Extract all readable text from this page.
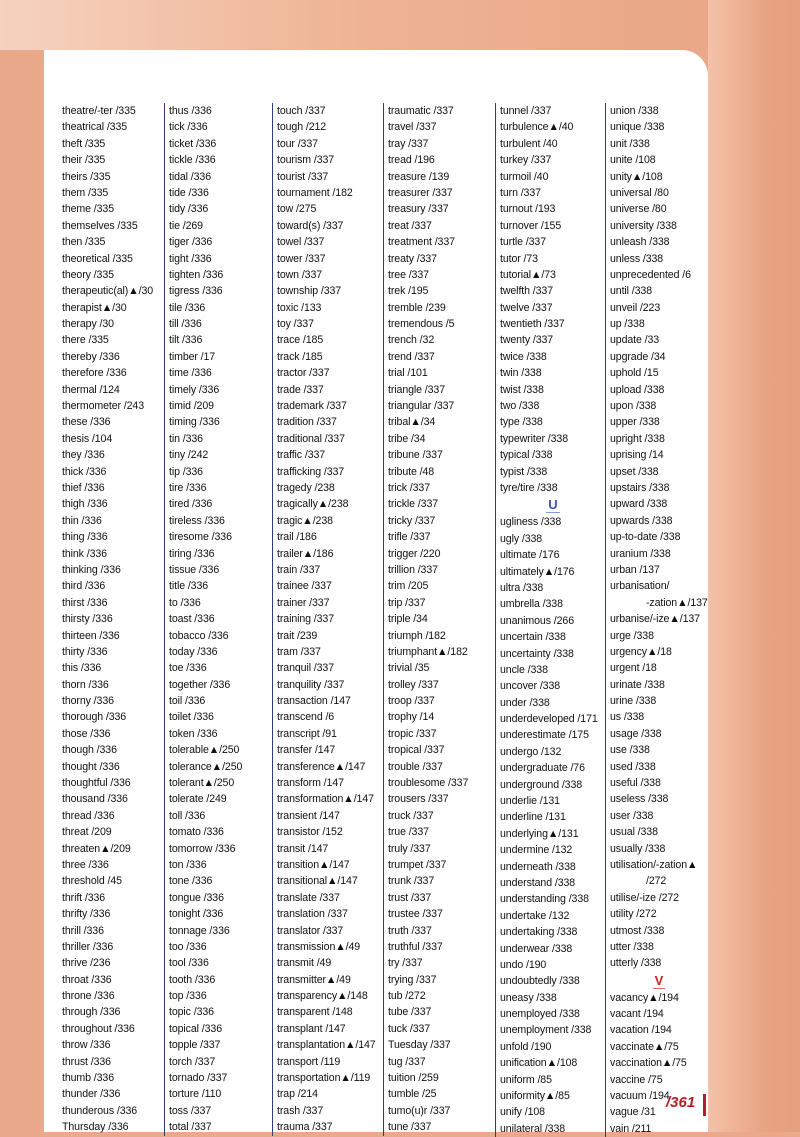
theatre/-ter /335
theatrical /335
theft /335
their /335
theirs /335
them /335
theme /335
themselves /335
then /335
theoretical /335
theory /335
therapeutic(al)▲/30
therapist▲/30
therapy /30
there /335
thereby /336
therefore /336
thermal /124
thermometer /243
these /336
thesis /104
they /336
thick /336
thief /336
thigh /336
thin /336
thing /336
think /336
thinking /336
third /336
thirst /336
thirsty /336
thirteen /336
thirty /336
this /336
thorn /336
thorny /336
thorough /336
those /336
though /336
thought /336
thoughtful /336
thousand /336
thread /336
threat /209
threaten▲/209
three /336
threshold /45
thrift /336
thrifty /336
thrill /336
thriller /336
thrive /236
throat /336
throne /336
through /336
throughout /336
throw /336
thrust /336
thumb /336
thunder /336
thunderous /336
Thursday /336
thus /336
tick /336
ticket /336
tickle /336
tidal /336
tide /336
tidy /336
tie /269
tiger /336
tight /336
tighten /336
tigress /336
tile /336
till /336
tilt /336
timber /17
time /336
timely /336
timid /209
timing /336
tin /336
tiny /242
tip /336
tire /336
tired /336
tireless /336
tiresome /336
tiring /336
tissue /336
title /336
to /336
toast /336
tobacco /336
today /336
toe /336
together /336
toil /336
toilet /336
token /336
tolerable▲/250
tolerance▲/250
tolerant▲/250
tolerate /249
toll /336
tomato /336
tomorrow /336
ton /336
tone /336
tongue /336
tonight /336
tonnage /336
too /336
tool /336
tooth /336
top /336
topic /336
topical /336
topple /337
torch /337
tornado /337
torture /110
toss /337
total /337
touch /337
tough /212
tour /337
tourism /337
tourist /337
tournament /182
tow /275
toward(s) /337
towel /337
tower /337
town /337
township /337
toxic /133
toy /337
trace /185
track /185
tractor /337
trade /337
trademark /337
tradition /337
traditional /337
traffic /337
trafficking /337
tragedy /238
tragically▲/238
tragic▲/238
trail /186
trailer▲/186
train /337
trainee /337
trainer /337
training /337
trait /239
tram /337
tranquil /337
tranquility /337
transaction /147
transcend /6
transcript /91
transfer /147
transference▲/147
transform /147
transformation▲/147
transient /147
transistor /152
transit /147
transition▲/147
transitional▲/147
translate /337
translation /337
translator /337
transmission▲/49
transmit /49
transmitter▲/49
transparency▲/148
transparent /148
transplant /147
transplantation▲/147
transport /119
transportation▲/119
trap /214
trash /337
trauma /337
traumatic /337
travel /337
tray /337
tread /196
treasure /139
treasurer /337
treasury /337
treat /337
treatment /337
treaty /337
tree /337
trek /195
tremble /239
tremendous /5
trench /32
trend /337
trial /101
triangle /337
triangular /337
tribal▲/34
tribe /34
tribune /337
tribute /48
trick /337
trickle /337
tricky /337
trifle /337
trigger /220
trillion /337
trim /205
trip /337
triple /34
triumph /182
triumphant▲/182
trivial /35
trolley /337
troop /337
trophy /14
tropic /337
tropical /337
trouble /337
troublesome /337
trousers /337
truck /337
true /337
truly /337
trumpet /337
trunk /337
trust /337
trustee /337
truth /337
truthful /337
try /337
trying /337
tub /272
tube /337
tuck /337
Tuesday /337
tug /337
tuition /259
tumble /25
tumo(u)r /337
tune /337
tunnel /337
turbulence▲/40
turbulent /40
turkey /337
turmoil /40
turn /337
turnout /193
turnover /155
turtle /337
tutor /73
tutorial▲/73
twelfth /337
twelve /337
twentieth /337
twenty /337
twice /338
twin /338
twist /338
two /338
type /338
typewriter /338
typical /338
typist /338
tyre/tire /338
U
ugliness /338
ugly /338
ultimate /176
ultimately▲/176
ultra /338
umbrella /338
unanimous /266
uncertain /338
uncertainty /338
uncle /338
uncover /338
under /338
underdeveloped /171
underestimate /175
undergo /132
undergraduate /76
underground /338
underlie /131
underline /131
underlying▲/131
undermine /132
underneath /338
understand /338
understanding /338
undertake /132
undertaking /338
underwear /338
undo /190
undoubtedly /338
uneasy /338
unemployed /338
unemployment /338
unfold /190
unification▲/108
uniform /85
uniformity▲/85
unify /108
unilateral /338
union /338
unique /338
unit /338
unite /108
unity▲/108
universal /80
universe /80
university /338
unleash /338
unless /338
unprecedented /6
until /338
unveil /223
up /338
update /33
upgrade /34
uphold /15
upload /338
upon /338
upper /338
upright /338
uprising /14
upset /338
upstairs /338
upward /338
upwards /338
up-to-date /338
uranium /338
urban /137
urbanisation/
-zation▲/137
urbanise/-ize▲/137
urge /338
urgency▲/18
urgent /18
urinate /338
urine /338
us /338
usage /338
use /338
used /338
useful /338
useless /338
user /338
usual /338
usually /338
utilisation/-zation▲
/272
utilise/-ize /272
utility /272
utmost /338
utter /338
utterly /338
V
vacancy▲/194
vacant /194
vacation /194
vaccinate▲/75
vaccination▲/75
vaccine /75
vacuum /194
vague /31
vain /211
/361
